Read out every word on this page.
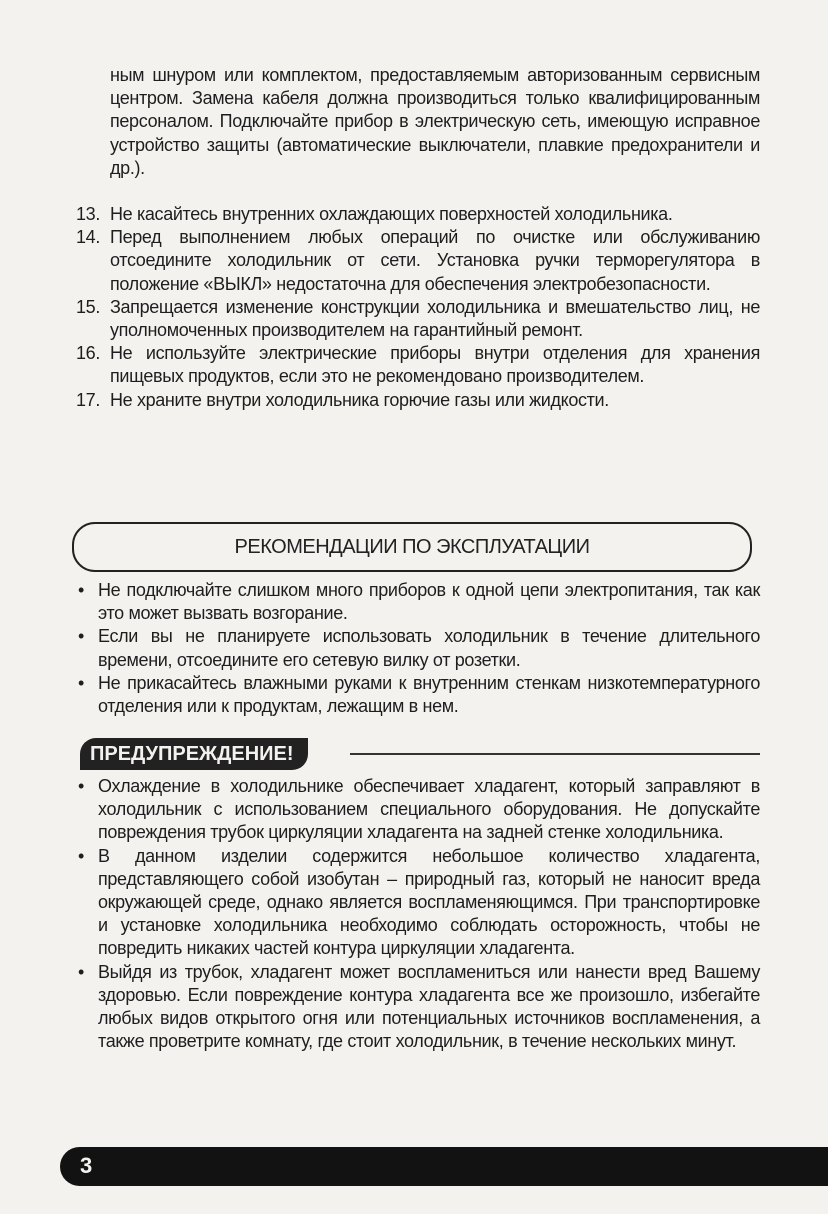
ным шнуром или комплектом, предоставляемым авторизованным сервисным центром. Замена кабеля должна производиться только квалифицированным персоналом. Подключайте прибор в электрическую сеть, имеющую исправное устройство защиты (автоматические выключатели, плавкие предохранители и др.).

13. Не касайтесь внутренних охлаждающих поверхностей холодильника.
14. Перед выполнением любых операций по очистке или обслуживанию отсоедините холодильник от сети. Установка ручки терморегулятора в положение «ВЫКЛ» недостаточна для обеспечения электробезопасности.
15. Запрещается изменение конструкции холодильника и вмешательство лиц, не уполномоченных производителем на гарантийный ремонт.
16. Не используйте электрические приборы внутри отделения для хранения пищевых продуктов, если это не рекомендовано производителем.
17. Не храните внутри холодильника горючие газы или жидкости.
РЕКОМЕНДАЦИИ ПО ЭКСПЛУАТАЦИИ
• Не подключайте слишком много приборов к одной цепи электропитания, так как это может вызвать возгорание.
• Если вы не планируете использовать холодильник в течение длительного времени, отсоедините его сетевую вилку от розетки.
• Не прикасайтесь влажными руками к внутренним стенкам низкотемпературного отделения или к продуктам, лежащим в нем.
ПРЕДУПРЕЖДЕНИЕ!
• Охлаждение в холодильнике обеспечивает хладагент, который заправляют в холодильник с использованием специального оборудования. Не допускайте повреждения трубок циркуляции хладагента на задней стенке холодильника.
• В данном изделии содержится небольшое количество хладагента, представляющего собой изобутан – природный газ, который не наносит вреда окружающей среде, однако является воспламеняющимся. При транспортировке и установке холодильника необходимо соблюдать осторожность, чтобы не повредить никаких частей контура циркуляции хладагента.
• Выйдя из трубок, хладагент может воспламениться или нанести вред Вашему здоровью. Если повреждение контура хладагента все же произошло, избегайте любых видов открытого огня или потенциальных источников воспламенения, а также проветрите комнату, где стоит холодильник, в течение нескольких минут.
3
